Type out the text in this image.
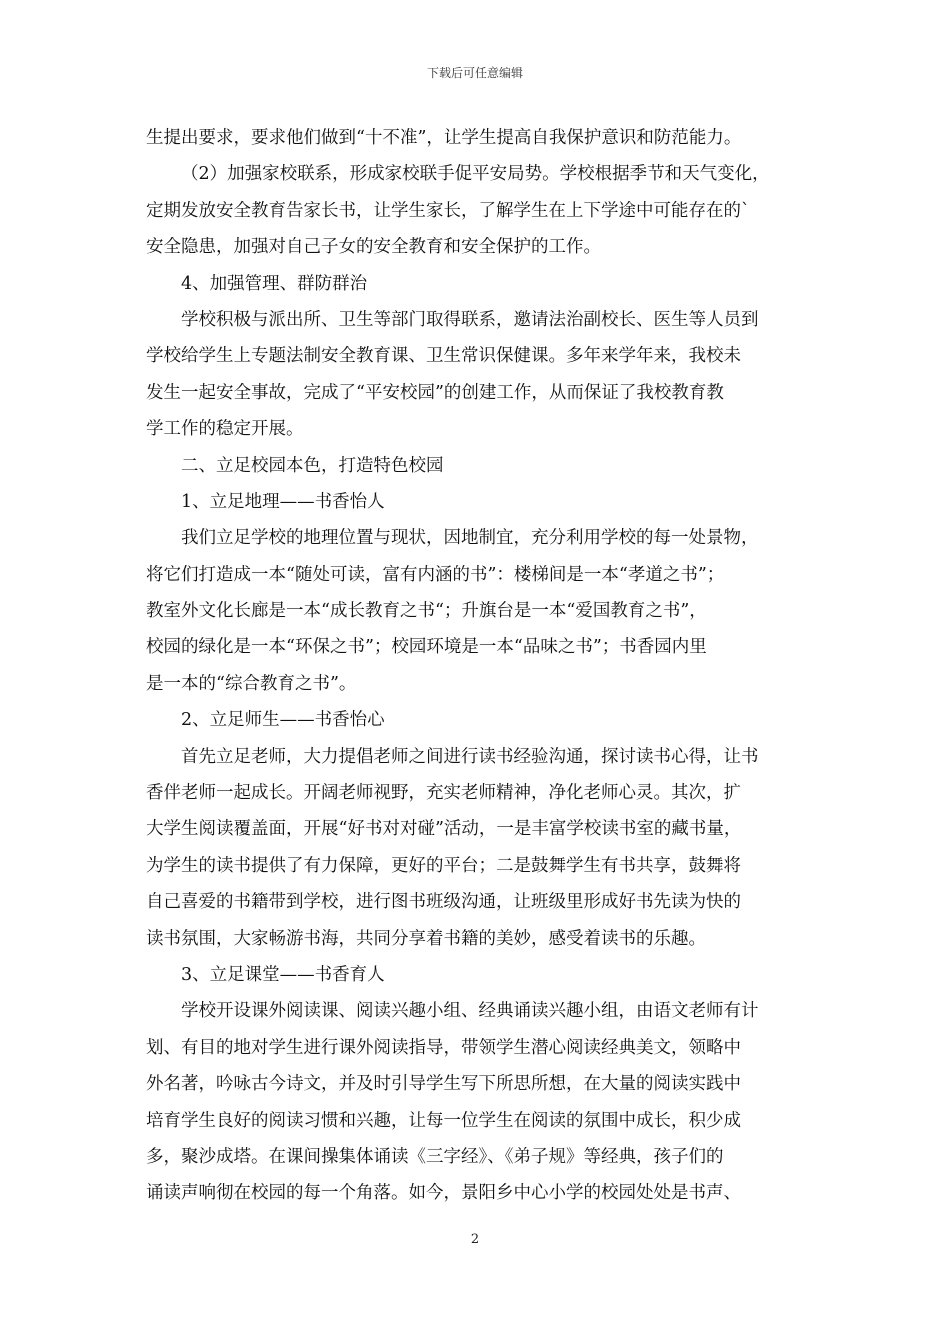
下载后可任意编辑
生提出要求，要求他们做到“十不准”，让学生提高自我保护意识和防范能力。
（2）加强家校联系，形成家校联手促平安局势。学校根据季节和天气变化，
定期发放安全教育告家长书，让学生家长，了解学生在上下学途中可能存在的`
安全隐患，加强对自己子女的安全教育和安全保护的工作。
4、加强管理、群防群治
学校积极与派出所、卫生等部门取得联系，邀请法治副校长、医生等人员到
学校给学生上专题法制安全教育课、卫生常识保健课。多年来学年来，我校未
发生一起安全事故，完成了“平安校园”的创建工作，从而保证了我校教育教
学工作的稳定开展。
二、立足校园本色，打造特色校园
1、立足地理——书香怡人
我们立足学校的地理位置与现状，因地制宜，充分利用学校的每一处景物，
将它们打造成一本“随处可读，富有内涵的书”：楼梯间是一本“孝道之书”；
教室外文化长廊是一本“成长教育之书“；升旗台是一本“爱国教育之书”，
校园的绿化是一本“环保之书”；校园环境是一本“品味之书”；书香园内里
是一本的“综合教育之书”。
2、立足师生——书香怡心
首先立足老师，大力提倡老师之间进行读书经验沟通，探讨读书心得，让书
香伴老师一起成长。开阔老师视野，充实老师精神，净化老师心灵。其次，扩
大学生阅读覆盖面，开展“好书对对碰”活动，一是丰富学校读书室的藏书量，
为学生的读书提供了有力保障，更好的平台；二是鼓舞学生有书共享，鼓舞将
自己喜爱的书籍带到学校，进行图书班级沟通，让班级里形成好书先读为快的
读书氛围，大家畅游书海，共同分享着书籍的美妙，感受着读书的乐趣。
3、立足课堂——书香育人
学校开设课外阅读课、阅读兴趣小组、经典诵读兴趣小组，由语文老师有计
划、有目的地对学生进行课外阅读指导，带领学生潜心阅读经典美文，领略中
外名著，吟咏古今诗文，并及时引导学生写下所思所想，在大量的阅读实践中
培育学生良好的阅读习惯和兴趣，让每一位学生在阅读的氛围中成长，积少成
多，聚沙成塔。在课间操集体诵读《三字经》、《弟子规》等经典，孩子们的
诵读声响彻在校园的每一个角落。如今，景阳乡中心小学的校园处处是书声、
2
